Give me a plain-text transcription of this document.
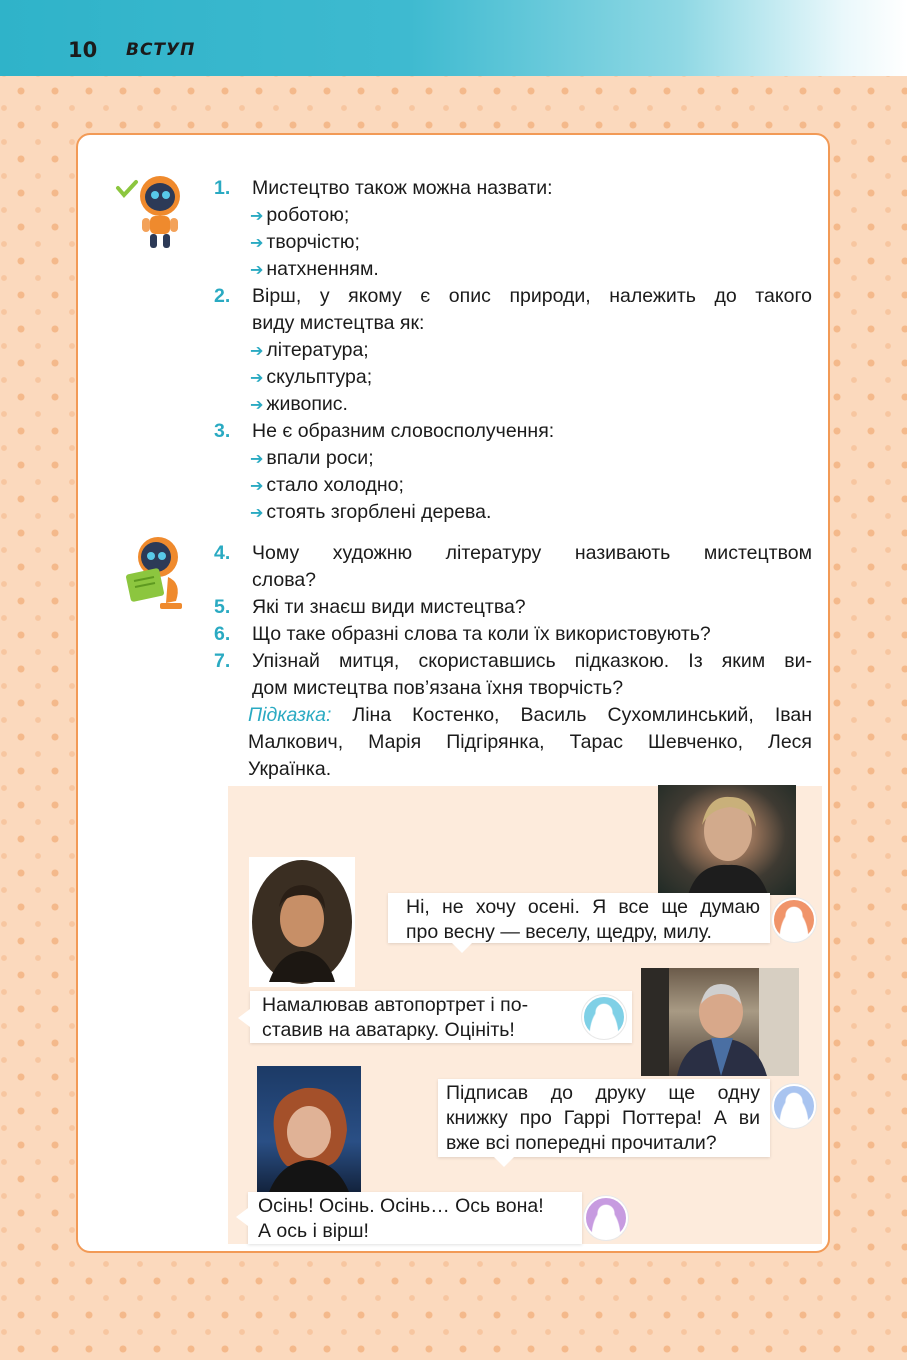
10 ВСТУП
1. Мистецтво також можна назвати:
➔ роботою;
➔ творчістю;
➔ натхненням.
2. Вірш, у якому є опис природи, належить до такого
виду мистецтва як:
➔ література;
➔ скульптура;
➔ живопис.
3. Не є образним словосполучення:
➔ впали роси;
➔ стало холодно;
➔ стоять згорблені дерева.
4. Чому художню літературу називають мистецтвом
слова?
5. Які ти знаєш види мистецтва?
6. Що таке образні слова та коли їх використовують?
7. Упізнай митця, скориставшись підказкою. Із яким ви-
дом мистецтва пов’язана їхня творчість?
Підказка: Ліна Костенко, Василь Сухомлинський, Іван
Малкович, Марія Підгірянка, Тарас Шевченко, Леся
Українка.
Ні, не хочу осені. Я все ще думаю
про весну — веселу, щедру, милу.
Намалював автопортрет і по-
ставив на аватарку. Оцініть!
Підписав до друку ще одну
книжку про Гаррі Поттера! А ви
вже всі попередні прочитали?
Осінь! Осінь. Осінь… Ось вона!
А ось і вірш!
